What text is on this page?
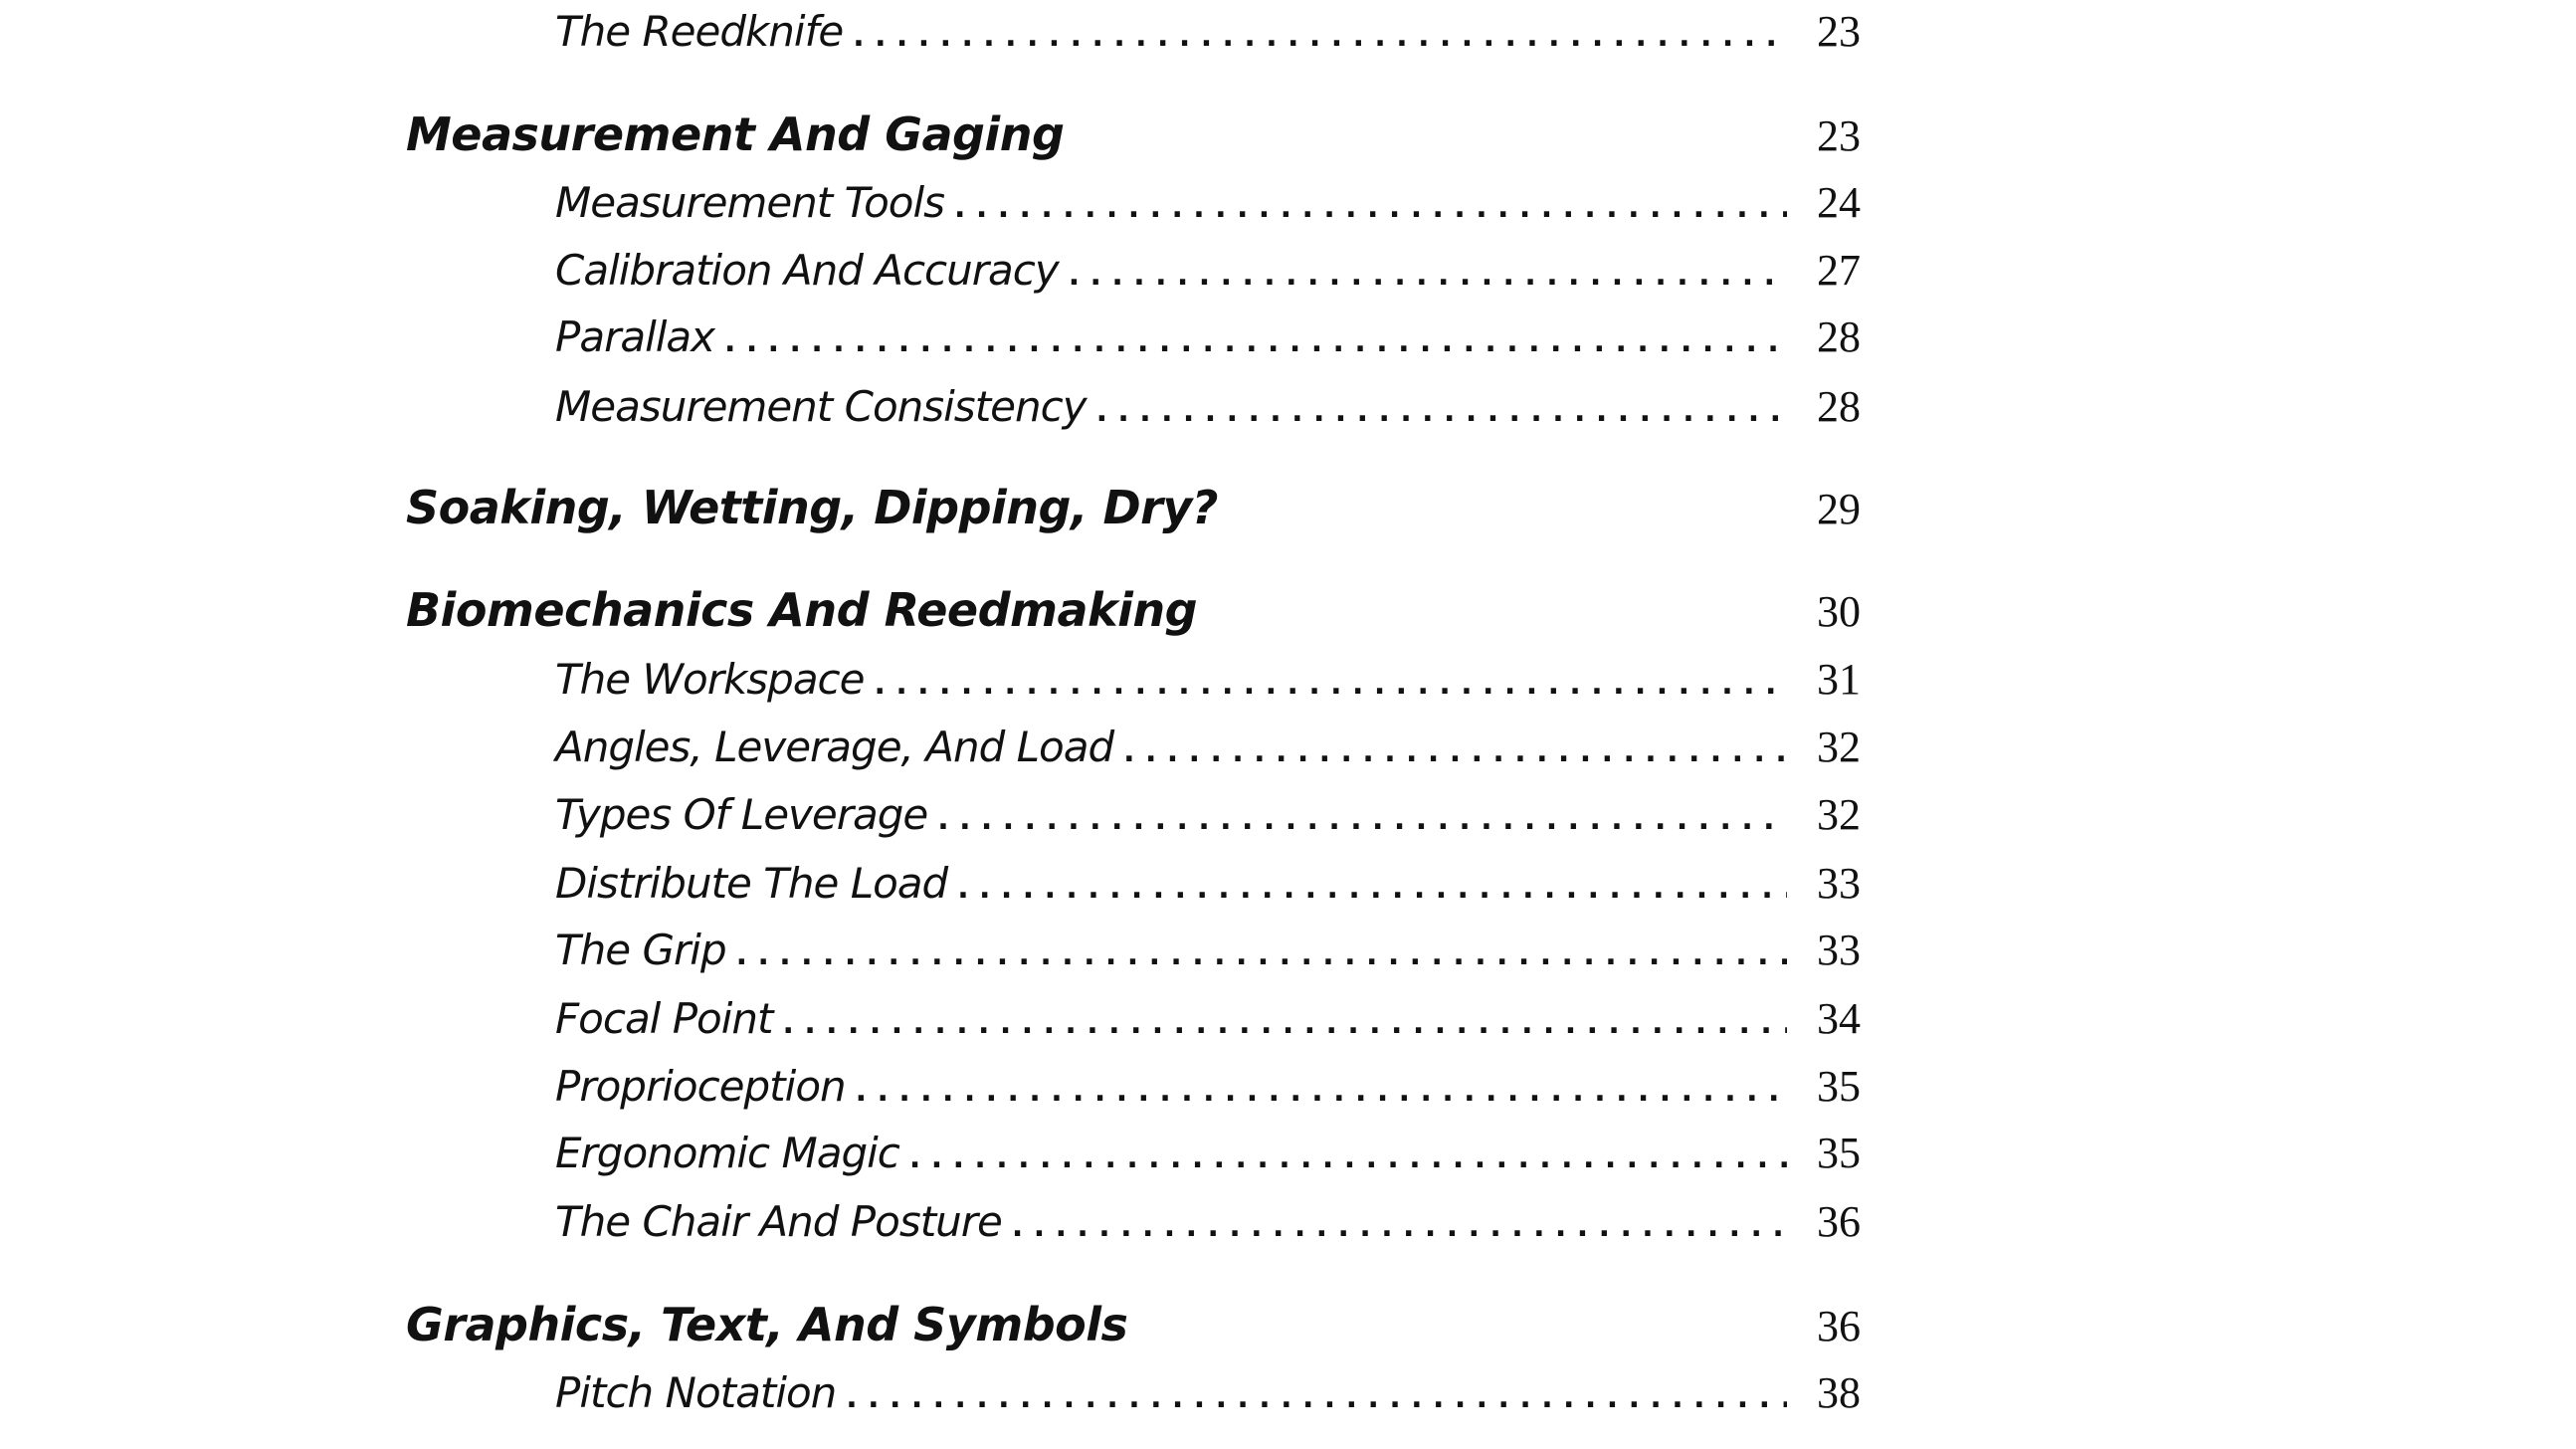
The Reedknife . . .	23
Measurement And Gaging	23
Measurement Tools . . .	24
Calibration And Accuracy . . .	27
Parallax . . .	28
Measurement Consistency . . .	28
Soaking, Wetting, Dipping, Dry?	29
Biomechanics And Reedmaking	30
The Workspace . . .	31
Angles, Leverage, And Load . . .	32
Types Of Leverage . . .	32
Distribute The Load . . .	33
The Grip . . .	33
Focal Point . . .	34
Proprioception . . .	35
Ergonomic Magic . . .	35
The Chair And Posture . . .	36
Graphics, Text, And Symbols	36
Pitch Notation . . .	38
